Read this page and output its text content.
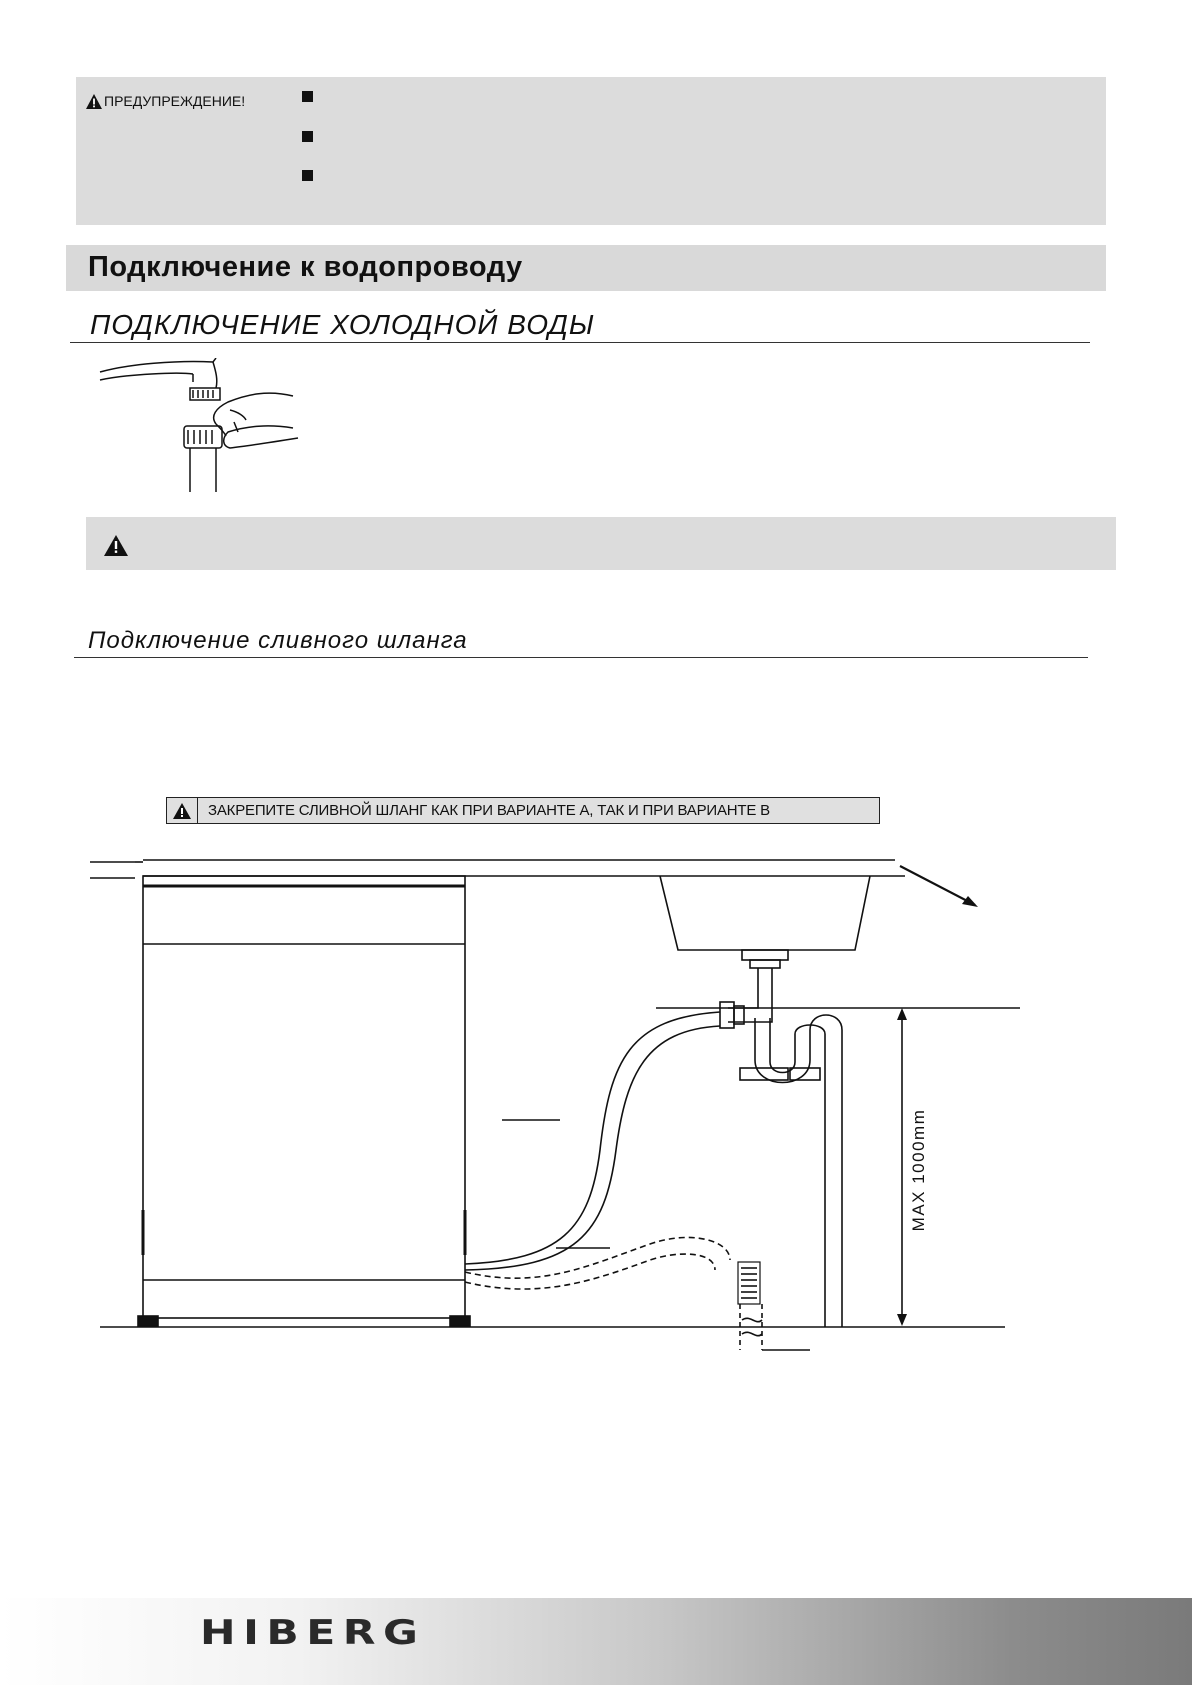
ПРЕДУПРЕЖДЕНИЕ!
Подключение к водопроводу
ПОДКЛЮЧЕНИЕ ХОЛОДНОЙ ВОДЫ
Подключение сливного шланга
ЗАКРЕПИТЕ СЛИВНОЙ ШЛАНГ КАК ПРИ ВАРИАНТЕ А, ТАК И ПРИ ВАРИАНТЕ В
MAX 1000mm
HIBERG
